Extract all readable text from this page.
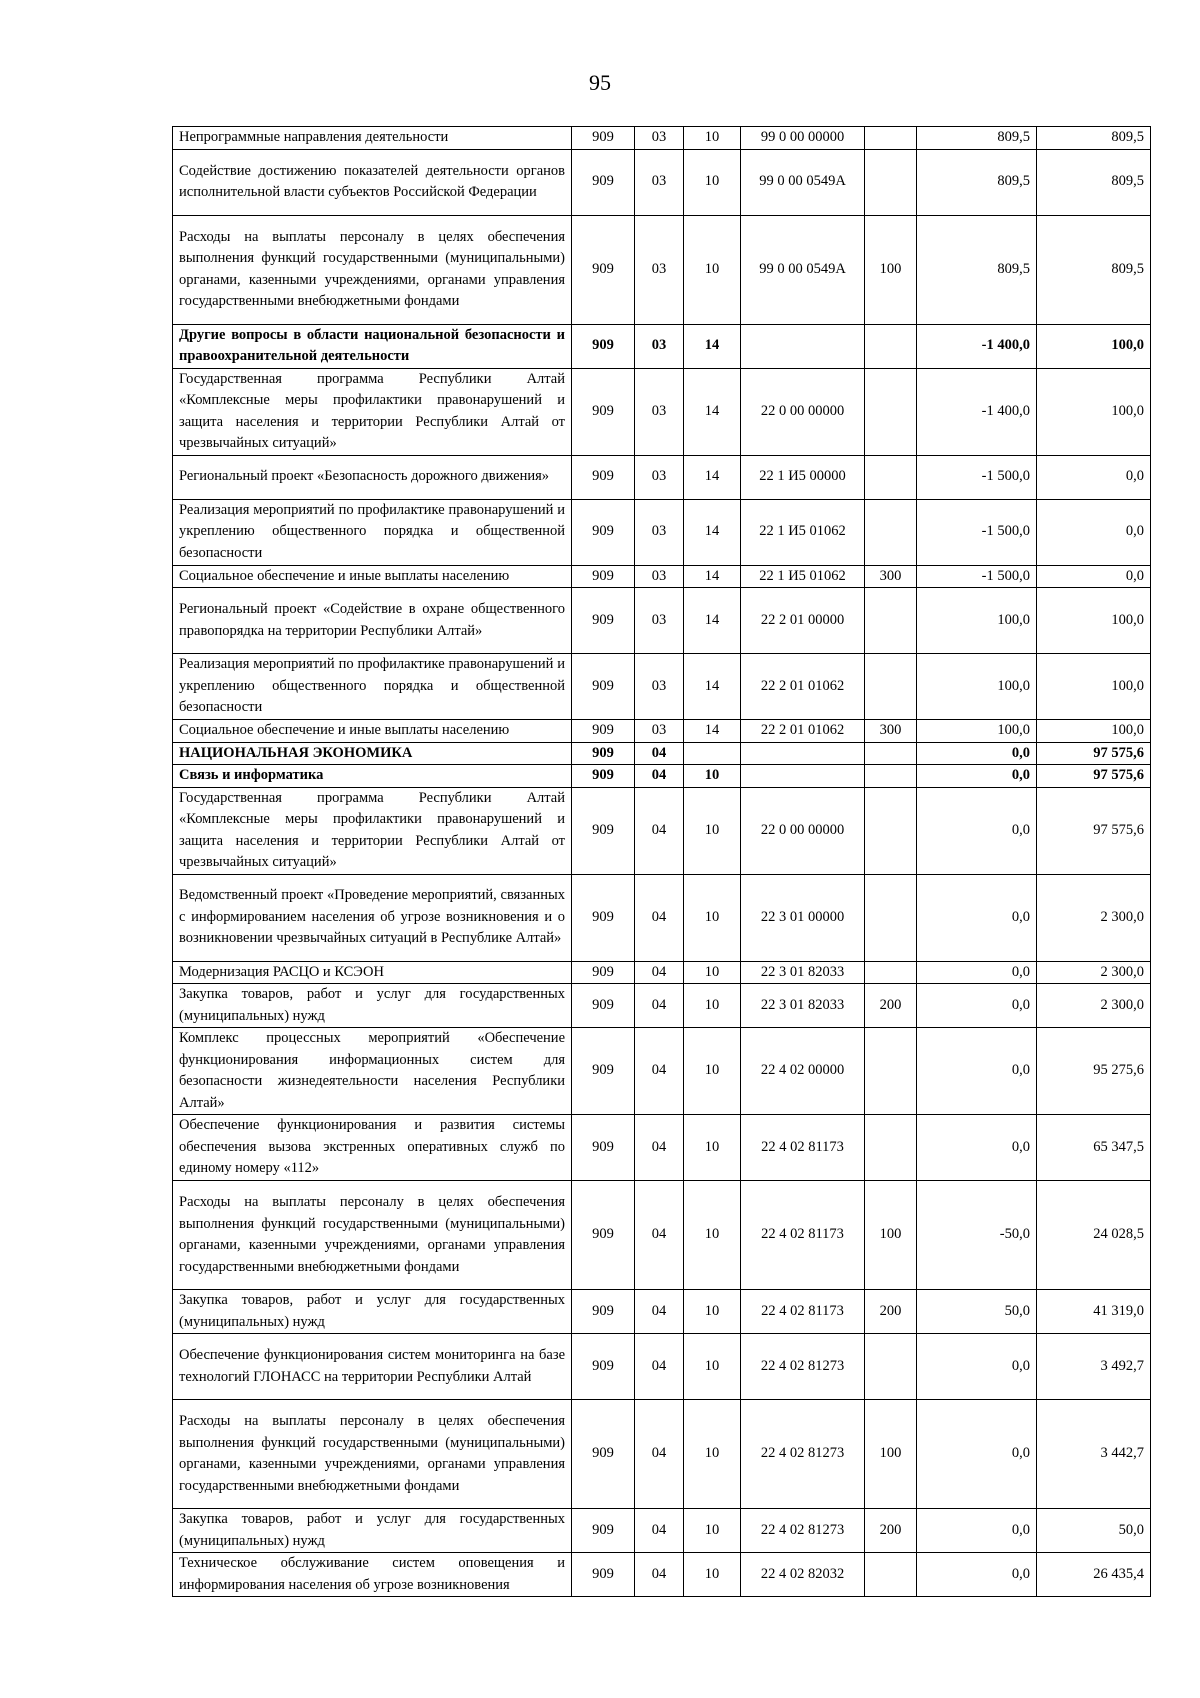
95
Непрограммные направления деятельности	909	03	10	99 0 00 00000		809,5	809,5
Содействие достижению показателей деятельности органов исполнительной власти субъектов Российской Федерации	909	03	10	99 0 00 0549A		809,5	809,5
Расходы на выплаты персоналу в целях обеспечения выполнения функций государственными (муниципальными) органами, казенными учреждениями, органами управления государственными внебюджетными фондами	909	03	10	99 0 00 0549A	100	809,5	809,5
Другие вопросы в области национальной безопасности и правоохранительной деятельности	909	03	14			-1 400,0	100,0
Государственная программа Республики Алтай «Комплексные меры профилактики правонарушений и защита населения и территории Республики Алтай от чрезвычайных ситуаций»	909	03	14	22 0 00 00000		-1 400,0	100,0
Региональный проект «Безопасность дорожного движения»	909	03	14	22 1 И5 00000		-1 500,0	0,0
Реализация мероприятий по профилактике правонарушений и укреплению общественного порядка и общественной безопасности	909	03	14	22 1 И5 01062		-1 500,0	0,0
Социальное обеспечение и иные выплаты населению	909	03	14	22 1 И5 01062	300	-1 500,0	0,0
Региональный проект «Содействие в охране общественного правопорядка на территории Республики Алтай»	909	03	14	22 2 01 00000		100,0	100,0
Реализация мероприятий по профилактике правонарушений и укреплению общественного порядка и общественной безопасности	909	03	14	22 2 01 01062		100,0	100,0
Социальное обеспечение и иные выплаты населению	909	03	14	22 2 01 01062	300	100,0	100,0
НАЦИОНАЛЬНАЯ ЭКОНОМИКА	909	04				0,0	97 575,6
Связь и информатика	909	04	10			0,0	97 575,6
Государственная программа Республики Алтай «Комплексные меры профилактики правонарушений и защита населения и территории Республики Алтай от чрезвычайных ситуаций»	909	04	10	22 0 00 00000		0,0	97 575,6
Ведомственный проект «Проведение мероприятий, связанных с информированием населения об угрозе возникновения и о возникновении чрезвычайных ситуаций в Республике Алтай»	909	04	10	22 3 01 00000		0,0	2 300,0
Модернизация РАСЦО и КСЭОН	909	04	10	22 3 01 82033		0,0	2 300,0
Закупка товаров, работ и услуг для государственных (муниципальных) нужд	909	04	10	22 3 01 82033	200	0,0	2 300,0
Комплекс процессных мероприятий «Обеспечение функционирования информационных систем для безопасности жизнедеятельности населения Республики Алтай»	909	04	10	22 4 02 00000		0,0	95 275,6
Обеспечение функционирования и развития системы обеспечения вызова экстренных оперативных служб по единому номеру «112»	909	04	10	22 4 02 81173		0,0	65 347,5
Расходы на выплаты персоналу в целях обеспечения выполнения функций государственными (муниципальными) органами, казенными учреждениями, органами управления государственными внебюджетными фондами	909	04	10	22 4 02 81173	100	-50,0	24 028,5
Закупка товаров, работ и услуг для государственных (муниципальных) нужд	909	04	10	22 4 02 81173	200	50,0	41 319,0
Обеспечение функционирования систем мониторинга на базе технологий ГЛОНАСС на территории Республики Алтай	909	04	10	22 4 02 81273		0,0	3 492,7
Расходы на выплаты персоналу в целях обеспечения выполнения функций государственными (муниципальными) органами, казенными учреждениями, органами управления государственными внебюджетными фондами	909	04	10	22 4 02 81273	100	0,0	3 442,7
Закупка товаров, работ и услуг для государственных (муниципальных) нужд	909	04	10	22 4 02 81273	200	0,0	50,0
Техническое обслуживание систем оповещения и информирования населения об угрозе возникновения	909	04	10	22 4 02 82032		0,0	26 435,4
